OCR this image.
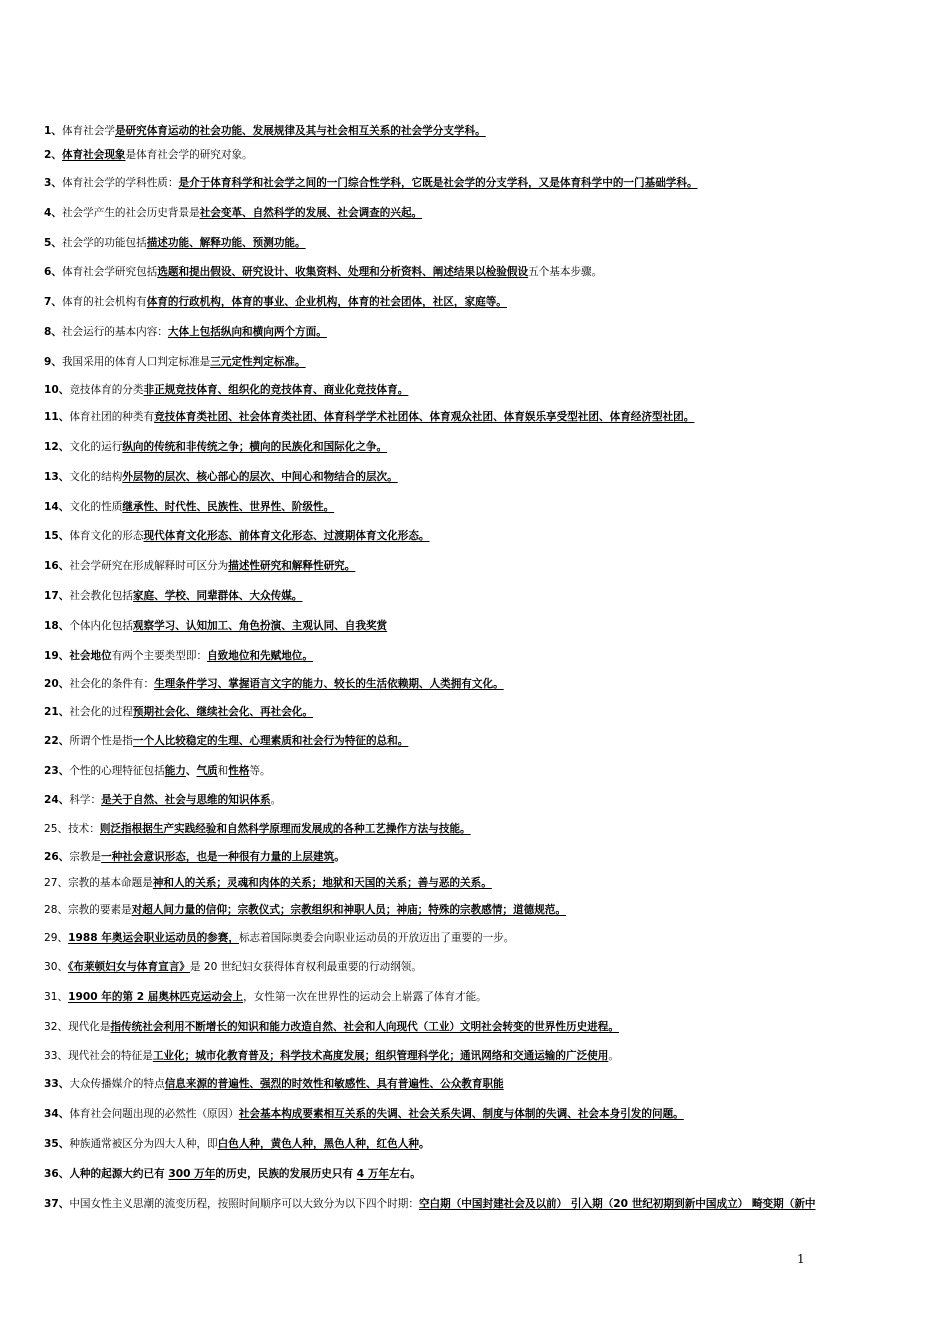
1、体育社会学是研究体育运动的社会功能、发展规律及其与社会相互关系的社会学分支学科。
2、体育社会现象是体育社会学的研究对象。
3、体育社会学的学科性质：是介于体育科学和社会学之间的一门综合性学科，它既是社会学的分支学科，又是体育科学中的一门基础学科。
4、社会学产生的社会历史背景是社会变革、自然科学的发展、社会调查的兴起。
5、社会学的功能包括描述功能、解释功能、预测功能。
6、体育社会学研究包括选题和提出假设、研究设计、收集资料、处理和分析资料、阐述结果以检验假设五个基本步骤。
7、体育的社会机构有体育的行政机构，体育的事业、企业机构，体育的社会团体，社区，家庭等。
8、社会运行的基本内容：大体上包括纵向和横向两个方面。
9、我国采用的体育人口判定标准是三元定性判定标准。
10、竞技体育的分类非正规竞技体育、组织化的竞技体育、商业化竞技体育。
11、体育社团的种类有竞技体育类社团、社会体育类社团、体育科学学术社团体、体育观众社团、体育娱乐享受型社团、体育经济型社团。
12、文化的运行纵向的传统和非传统之争；横向的民族化和国际化之争。
13、文化的结构外层物的层次、核心部心的层次、中间心和物结合的层次。
14、文化的性质继承性、时代性、民族性、世界性、阶级性。
15、体育文化的形态现代体育文化形态、前体育文化形态、过渡期体育文化形态。
16、社会学研究在形成解释时可区分为描述性研究和解释性研究。
17、社会教化包括家庭、学校、同辈群体、大众传媒。
18、个体内化包括观察学习、认知加工、角色扮演、主观认同、自我奖赏
19、社会地位有两个主要类型即：自致地位和先赋地位。
20、社会化的条件有：生理条件学习、掌握语言文字的能力、较长的生活依赖期、人类拥有文化。
21、社会化的过程预期社会化、继续社会化、再社会化。
22、所谓个性是指一个人比较稳定的生理、心理素质和社会行为特征的总和。
23、个性的心理特征包括能力、气质和性格等。
24、科学：是关于自然、社会与思维的知识体系。
25、技术：则泛指根据生产实践经验和自然科学原理而发展成的各种工艺操作方法与技能。
26、宗教是一种社会意识形态，也是一种很有力量的上层建筑。
27、宗教的基本命题是神和人的关系；灵魂和肉体的关系；地狱和天国的关系；善与恶的关系。
28、宗教的要素是对超人间力量的信仰；宗教仪式；宗教组织和神职人员；神庙；特殊的宗教感情；道德规范。
29、1988 年奥运会职业运动员的参赛，标志着国际奥委会向职业运动员的开放迈出了重要的一步。
30、《布莱顿妇女与体育宣言》是 20 世纪妇女获得体育权利最重要的行动纲领。
31、1900 年的第 2 届奥林匹克运动会上，女性第一次在世界性的运动会上崭露了体育才能。
32、现代化是指传统社会利用不断增长的知识和能力改造自然、社会和人向现代（工业）文明社会转变的世界性历史进程。
33、现代社会的特征是工业化；城市化教育普及；科学技术高度发展；组织管理科学化；通讯网络和交通运输的广泛使用。
33、大众传播媒介的特点信息来源的普遍性、强烈的时效性和敏感性、具有普遍性、公众教育职能
34、体育社会问题出现的必然性（原因）社会基本构成要素相互关系的失调、社会关系失调、制度与体制的失调、社会本身引发的问题。
35、种族通常被区分为四大人种，即白色人种，黄色人种，黑色人种，红色人种。
36、人种的起源大约已有 300 万年的历史，民族的发展历史只有 4 万年左右。
37、中国女性主义思潮的流变历程，按照时间顺序可以大致分为以下四个时期：空白期（中国封建社会及以前） 引入期（20 世纪初期到新中国成立） 畸变期（新中
1
